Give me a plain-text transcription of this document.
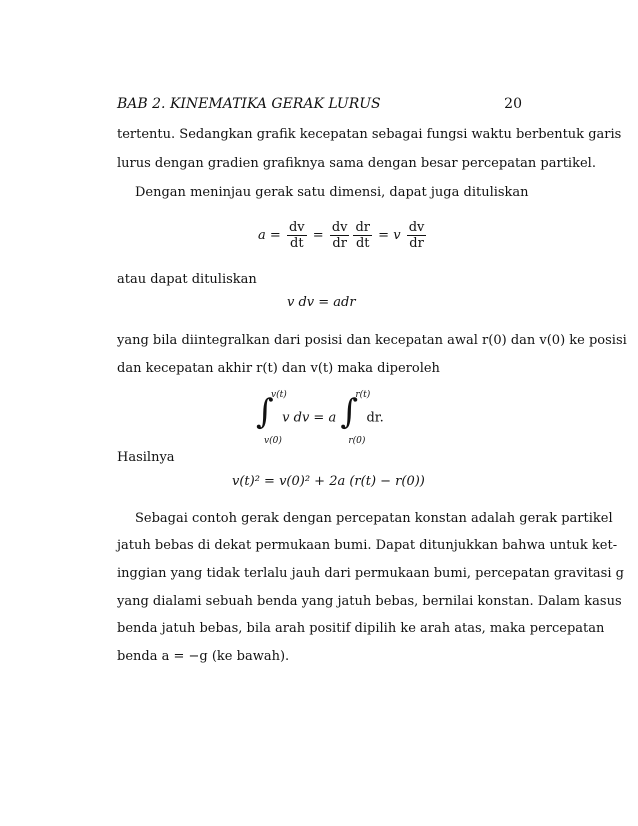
BAB 2. KINEMATIKA GERAK LURUS	20
tertentu. Sedangkan grafik kecepatan sebagai fungsi waktu berbentuk garis
lurus dengan gradien grafiknya sama dengan besar percepatan partikel.
Dengan meninjau gerak satu dimensi, dapat juga dituliskan
$a = \frac{dv}{dt} = \frac{dv}{dr} \frac{dr}{dt} = v \frac{dv}{dr}$
atau dapat dituliskan
v dv = adr
yang bila diintegralkan dari posisi dan kecepatan awal r(0) dan v(0) ke posisi
dan kecepatan akhir r(t) dan v(t) maka diperoleh
∫
v(t)
v(0)
v dv = a ∫
r(t)
r(0)
dr.
Hasilnya
v(t)² = v(0)² + 2a (r(t) − r(0))
Sebagai contoh gerak dengan percepatan konstan adalah gerak partikel
jatuh bebas di dekat permukaan bumi. Dapat ditunjukkan bahwa untuk ket-
inggian yang tidak terlalu jauh dari permukaan bumi, percepatan gravitasi g
yang dialami sebuah benda yang jatuh bebas, bernilai konstan. Dalam kasus
benda jatuh bebas, bila arah positif dipilih ke arah atas, maka percepatan
benda a = −g (ke bawah).
